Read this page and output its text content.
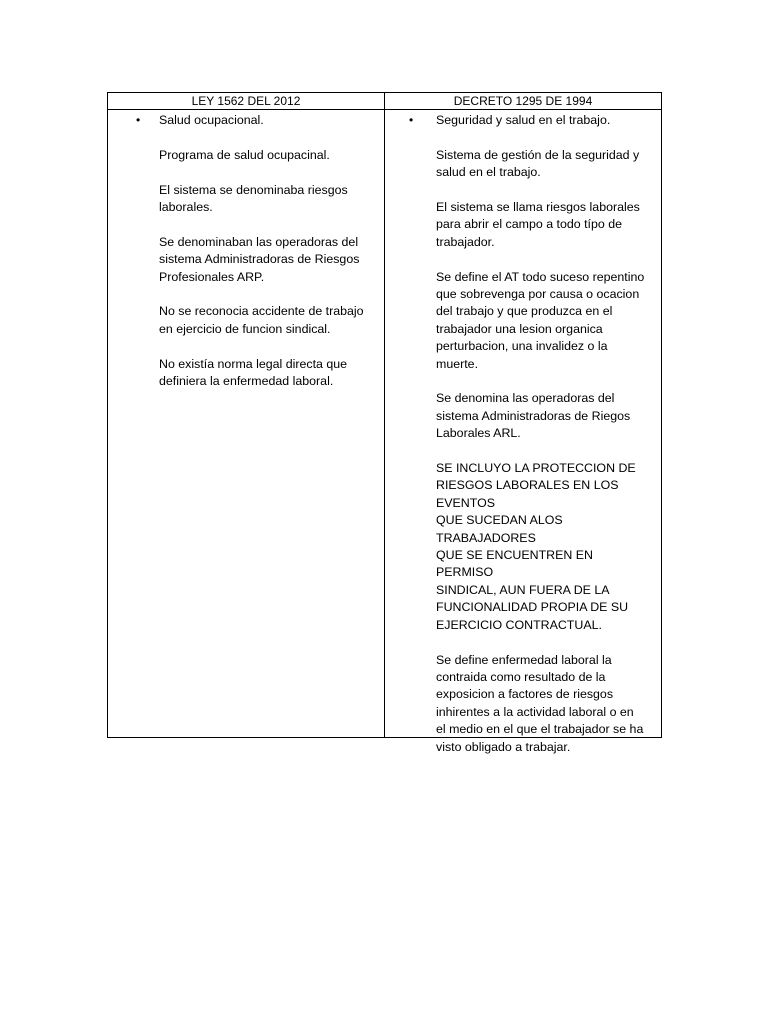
LEY 1562 DEL 2012	DECRETO 1295 DE 1994
• Salud ocupacional.

Programa de salud ocupacinal.

El sistema se denominaba riesgos
laborales.

Se denominaban las operadoras del
sistema Administradoras de Riesgos
Profesionales ARP.

No se reconocia accidente de trabajo
en ejercicio de funcion sindical.

No existía norma legal directa que
definiera la enfermedad laboral.

• Seguridad y salud en el trabajo.

Sistema de gestión de la seguridad y
salud en el trabajo.

El sistema se llama riesgos laborales
para abrir el campo a todo típo de
trabajador.

Se define el AT todo suceso repentino
que sobrevenga por causa o ocacion
del trabajo y que produzca en el
trabajador una lesion organica
perturbacion, una invalidez o la
muerte.

Se denomina las operadoras del
sistema Administradoras de Riegos
Laborales ARL.

SE INCLUYO LA PROTECCION DE
RIESGOS LABORALES EN LOS EVENTOS
QUE SUCEDAN ALOS TRABAJADORES
QUE SE ENCUENTREN EN PERMISO
SINDICAL, AUN FUERA DE LA
FUNCIONALIDAD PROPIA DE SU
EJERCICIO CONTRACTUAL.

Se define enfermedad laboral la
contraida como resultado de la
exposicion a factores de riesgos
inhirentes a la actividad laboral o en
el medio en el que el trabajador se ha
visto obligado a trabajar.
